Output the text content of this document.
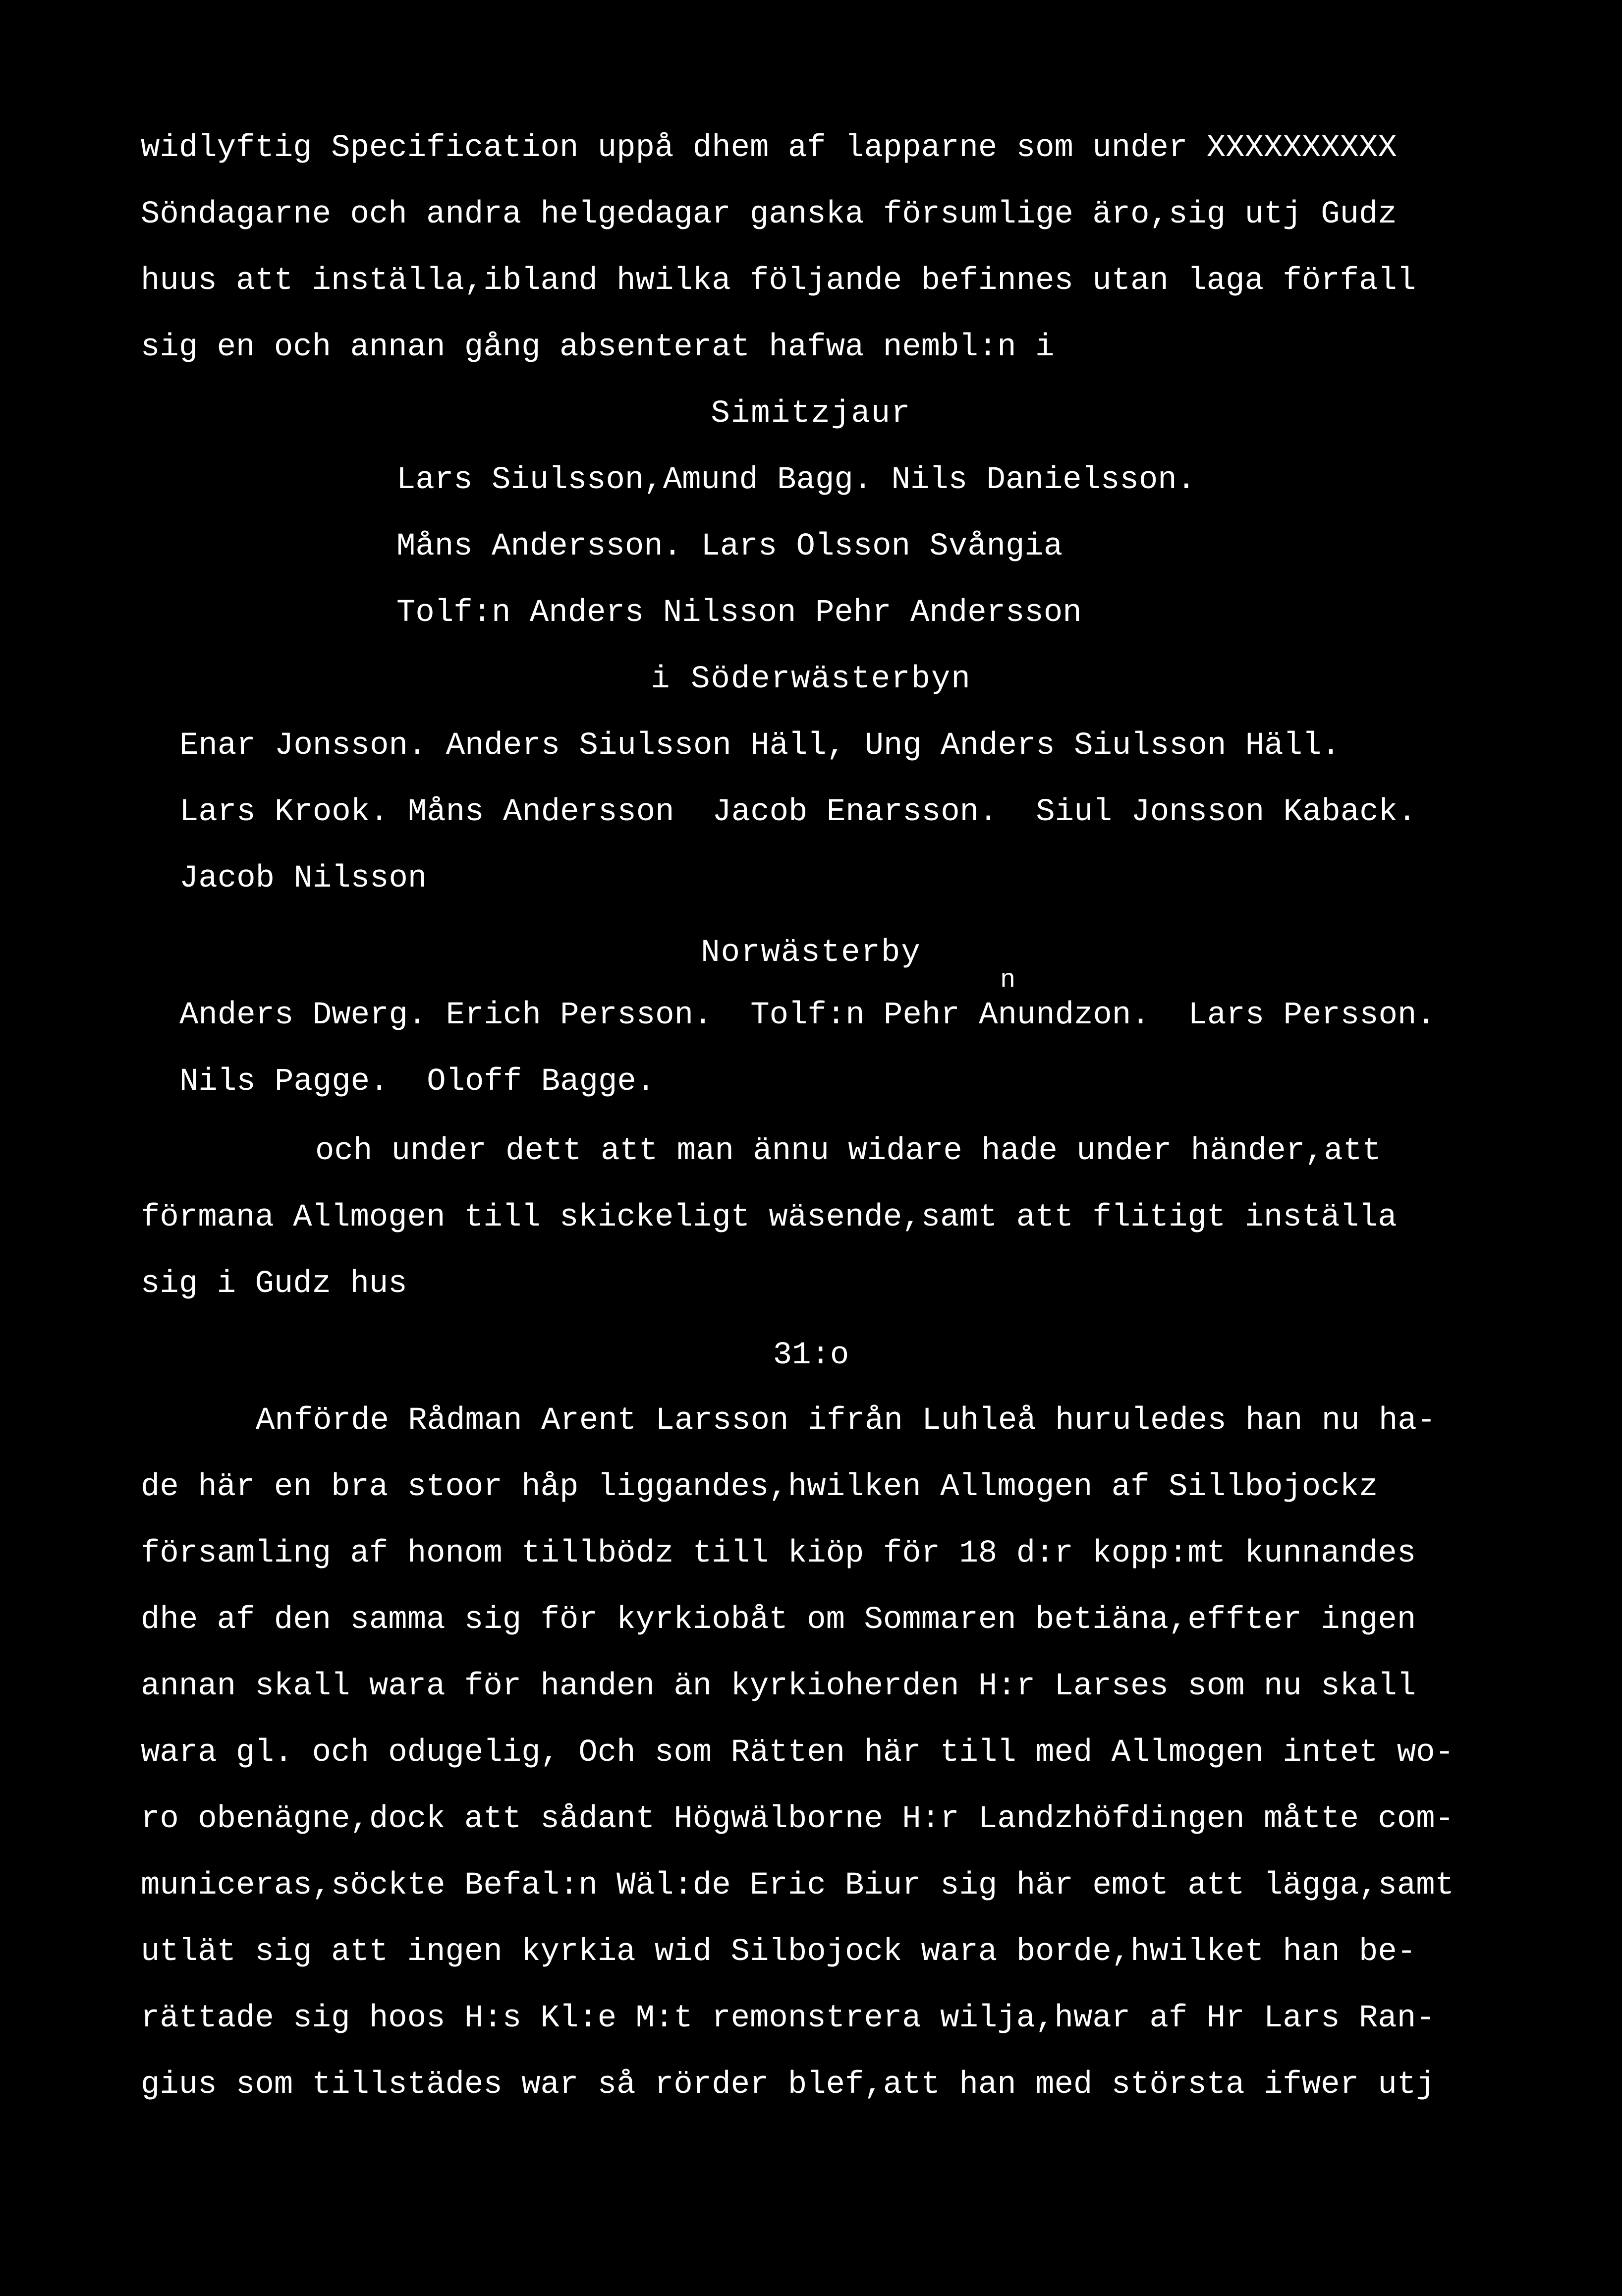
widlyftig Specification uppå dhem af lapparne som under XXXXXXXXXX
Söndagarne och andra helgedagar ganska försumlige äro,sig utj Gudz
huus att inställa,ibland hwilka följande befinnes utan laga förfall
sig en och annan gång absenterat hafwa nembl:n i
Simitzjaur
Lars Siulsson,Amund Bagg. Nils Danielsson.
Måns Andersson. Lars Olsson Svångia
Tolf:n Anders Nilsson Pehr Andersson
i Söderwästerbyn
Enar Jonsson. Anders Siulsson Häll, Ung Anders Siulsson Häll.
Lars Krook. Måns Andersson  Jacob Enarsson.  Siul Jonsson Kaback.
Jacob Nilsson
Norwästerby
n
Anders Dwerg. Erich Persson.  Tolf:n Pehr Anundzon.  Lars Persson.
Nils Pagge.  Oloff Bagge.
och under dett att man ännu widare hade under händer,att
förmana Allmogen till skickeligt wäsende,samt att flitigt inställa
sig i Gudz hus
31:o
Anförde Rådman Arent Larsson ifrån Luhleå huruledes han nu ha-
de här en bra stoor håp liggandes,hwilken Allmogen af Sillbojockz
församling af honom tillbödz till kiöp för 18 d:r kopp:mt kunnandes
dhe af den samma sig för kyrkiobåt om Sommaren betiäna,effter ingen
annan skall wara för handen än kyrkioherden H:r Larses som nu skall
wara gl. och odugelig, Och som Rätten här till med Allmogen intet wo-
ro obenägne,dock att sådant Högwälborne H:r Landzhöfdingen måtte com-
municeras,söckte Befal:n Wäl:de Eric Biur sig här emot att lägga,samt
utlät sig att ingen kyrkia wid Silbojock wara borde,hwilket han be-
rättade sig hoos H:s Kl:e M:t remonstrera wilja,hwar af Hr Lars Ran-
gius som tillstädes war så rörder blef,att han med största ifwer utj
